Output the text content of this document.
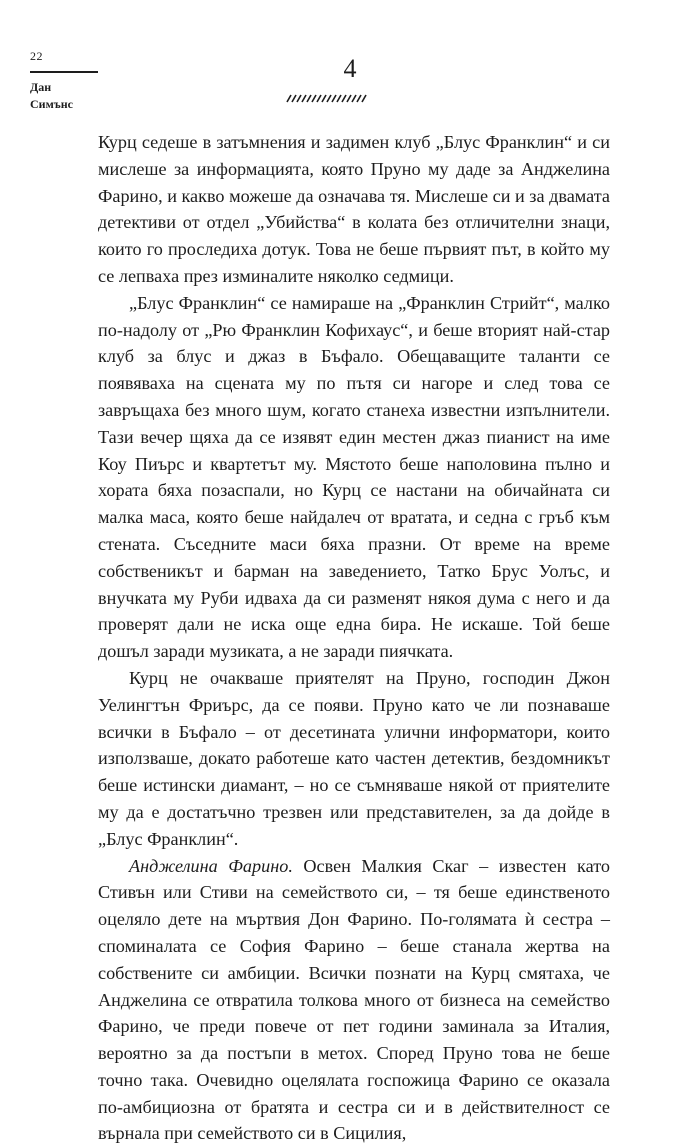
22
Дан
Симънс
4

Курц седеше в затъмнения и задимен клуб „Блус Франклин“ и си мислеше за информацията, която Пруно му даде за Анджелина Фарино, и какво можеше да означава тя. Мислеше си и за двамата детективи от отдел „Убийства“ в колата без отличителни знаци, които го проследиха дотук. Това не беше първият път, в който му се лепваха през изминалите няколко седмици.

„Блус Франклин“ се намираше на „Франклин Стрийт“, малко по-надолу от „Рю Франклин Кофихаус“, и беше вторият най-стар клуб за блус и джаз в Бъфало. Обещаващите таланти се появяваха на сцената му по пътя си нагоре и след това се завръщаха без много шум, когато станеха известни изпълнители. Тази вечер щяха да се изявят един местен джаз пианист на име Коу Пиърс и квартетът му. Мястото беше наполовина пълно и хората бяха позаспали, но Курц се настани на обичайната си малка маса, която беше найдалеч от вратата, и седна с гръб към стената. Съседните маси бяха празни. От време на време собственикът и барман на заведението, Татко Брус Уолъс, и внучката му Руби идваха да си разменят някоя дума с него и да проверят дали не иска още една бира. Не искаше. Той беше дошъл заради музиката, а не заради пиячката.

Курц не очакваше приятелят на Пруно, господин Джон Уелингтън Фриърс, да се появи. Пруно като че ли познаваше всички в Бъфало – от десетината улични информатори, които използваше, докато работеше като частен детектив, бездомникът беше истински диамант, – но се съмняваше някой от приятелите му да е достатъчно трезвен или представителен, за да дойде в „Блус Франклин“.

Анджелина Фарино. Освен Малкия Скаг – известен като Стивън или Стиви на семейството си, – тя беше единственото оцеляло дете на мъртвия Дон Фарино. По-голямата ѝ сестра – споминалата се София Фарино – беше станала жертва на собствените си амбиции. Всички познати на Курц смятаха, че Анджелина се отвратила толкова много от бизнеса на семейство Фарино, че преди повече от пет години заминала за Италия, вероятно за да постъпи в метох. Според Пруно това не беше точно така. Очевидно оцелялата госпожица Фарино се оказала по-амбициозна от братята и сестра си и в действителност се върнала при семейството си в Сицилия,
